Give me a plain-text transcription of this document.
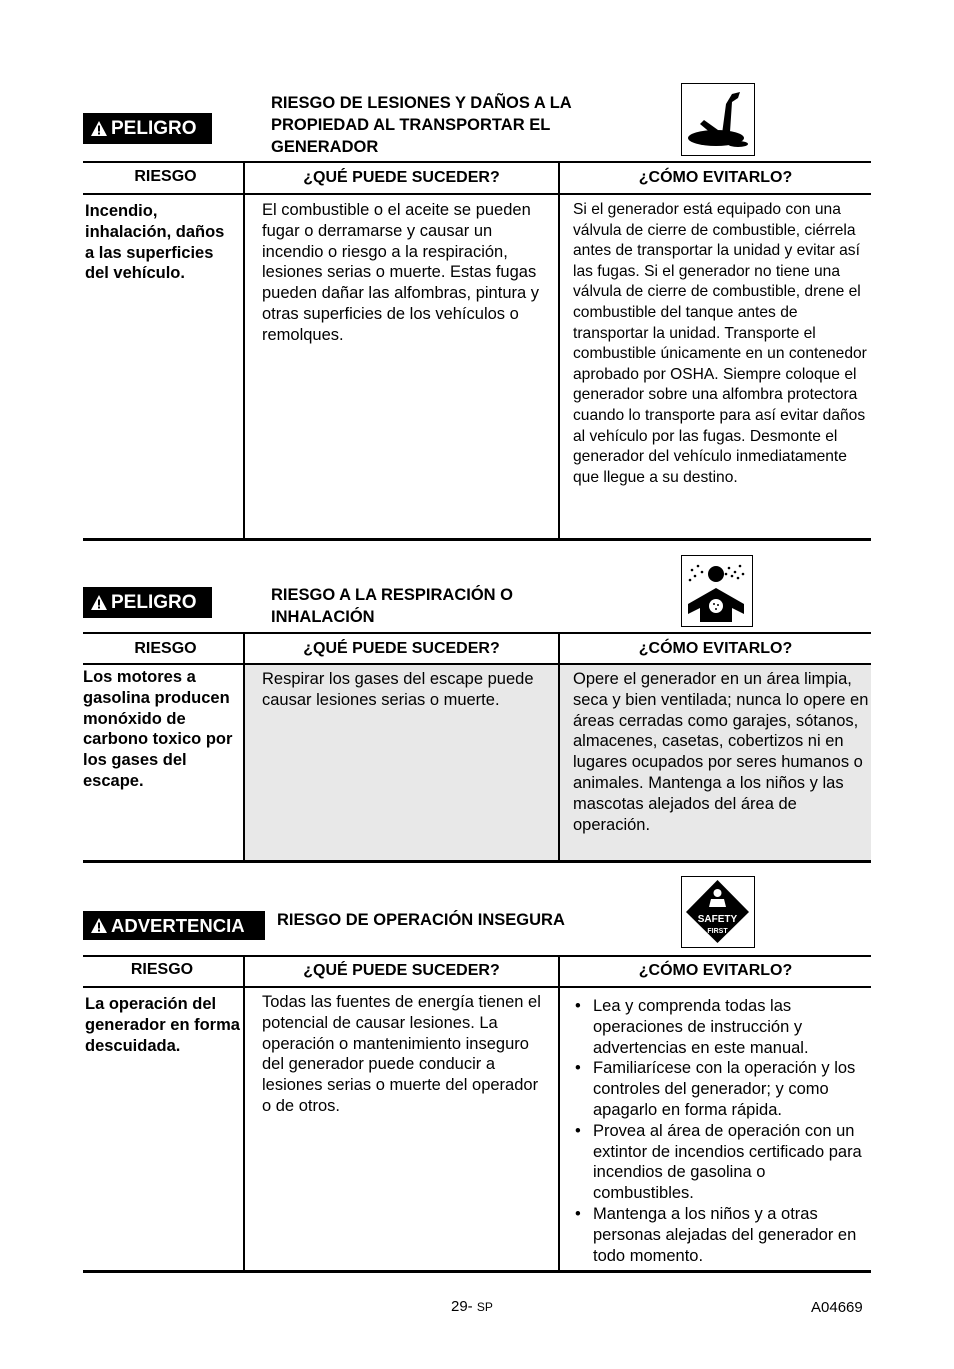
PELIGRO
RIESGO DE LESIONES Y DAÑOS A LA PROPIEDAD AL TRANSPORTAR EL GENERADOR
RIESGO	¿QUÉ PUEDE SUCEDER?	¿CÓMO EVITARLO?
Incendio, inhalación, daños a las superficies del vehículo.
El combustible o el aceite se pueden fugar o derramarse y causar un incendio o riesgo a la respiración, lesiones serias o muerte. Estas fugas pueden dañar las alfombras, pintura y otras superficies de los vehículos o remolques.
Si el generador está equipado con una válvula de cierre de combustible, ciérrela antes de transportar la unidad y evitar así las fugas. Si el generador no tiene una válvula de cierre de combustible, drene el combustible del tanque antes de transportar la unidad. Transporte el combustible únicamente en un contenedor aprobado por OSHA. Siempre coloque el generador sobre una alfombra protectora cuando lo transporte para así evitar daños al vehículo por las fugas. Desmonte el generador del vehículo inmediatamente que llegue a su destino.
PELIGRO	RIESGO A LA RESPIRACIÓN O INHALACIÓN
RIESGO	¿QUÉ PUEDE SUCEDER?	¿CÓMO EVITARLO?
Los motores a gasolina producen monóxido de carbono toxico por los gases del escape.
Respirar los gases del escape puede causar lesiones serias o muerte.
Opere el generador en un área limpia, seca y bien ventilada; nunca lo opere en áreas cerradas como garajes, sótanos, almacenes, casetas, cobertizos ni en lugares ocupados por seres humanos o animales. Mantenga a los niños y las mascotas alejados del área de operación.
ADVERTENCIA RIESGO DE OPERACIÓN INSEGURA	SAFETY
FIRST
RIESGO	¿QUÉ PUEDE SUCEDER?	¿CÓMO EVITARLO?
La operación del generador en forma descuidada.
Todas las fuentes de energía tienen el potencial de causar lesiones. La operación o mantenimiento inseguro del generador puede conducir a lesiones serias o muerte del operador o de otros.
• Lea y comprenda todas las operaciones de instrucción y advertencias en este manual.
• Familiarícese con la operación y los controles del generador; y como apagarlo en forma rápida.
• Provea al área de operación con un extintor de incendios certificado para incendios de gasolina o combustibles.
• Mantenga a los niños y a otras personas alejadas del generador en todo momento.
29- SP	A04669
